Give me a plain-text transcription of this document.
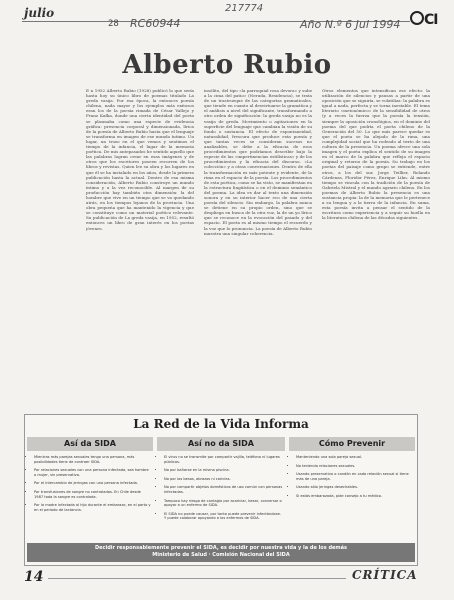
julio
28
217774
RC60944	Año N.º 6 Jul 1994	CI
Alberto Rubio
E n 1952 Alberto Rubio (1928) publicó lo que sería hasta hoy su único libro de poemas titulado La greda vasija. Por esa época, la entonces poesía chilena, nada mayor y los ejemplos más exitosos eran los de la poesía rimada de César Vallejo y Franz Kafka, donde una cierta identidad del poeta se plasmaba como una especie de evidencia gráfica: presencia corporal y dimensionada, lírica de la poesía de Alberto Rubio hasta que el lenguaje se transforma en imagen de ese mundo íntimo. Un lugar, un trozo en el que vemos y sentimos el tiempo de la infancia, el lugar de la memoria poética. De mis antepasados he sentido aquello que las palabras logran crear en esas imágenes y de otros que los escritores poseen recorren de los libros y revistas. Quien lee su obra y los lugares en que él se ha instalado en los años, desde la primera publicación hasta la actual. Dentro de esa misma consideración, Alberto Rubio construye un mundo íntimo y a la vez reconocible. Al margen de su producción hay también otra dimensión: la del hombre que vive en un tiempo que se va quedando atrás, en los tiempos lejanos de la provincia. Una obra pequeña que ha mantenido la vigencia y que se constituye como un material poético relevante. Su publicación de La greda vasija, en 1952, resultó entonces un libro de gran interés en los poetas jóvenes.
insólito, del tipo «la parroquial rosa devora» y sube a la cima del patio» (Neruda, Residencia), se trata de un trastrueque de las categorías gramaticales, que tiende en cuanto al desvirtuarse la gramática y el análisis a nivel del significante, transformando a otro orden de significación: la greda vasija no es la vasija de greda. Movimiento o agitaciones en la superficie del lenguaje que cambian la visión de su fondo o sustancia. El efecto de espontaneidad, naturalidad, frescura que produce esta poesía y que tantas veces se consideran sucesos no analizables, se debe a la eficacia de esos procedimientos que podríamos describir bajo la especie de las «impertinencias estilísticas» y de los procedimientos y la eficacia del discurso. «La colección» y a otras conversaciones. Dentro de ella la transformación es más potente y evidente, de la rima en el espacio de la poesía. Los procedimientos de esta poética, como se ha visto, se manifiestan en la estructura lingüística o en el dominio semántico del poema. La idea es dar al texto una dimensión sonora y en su interior hacer eco de una cierta poesía del silencio. Sin embargo, la palabra nunca se detiene en su propio orden, sino que se despliega en busca de la otra voz, la de un yo lírico que se reconoce en la evocación del pasado y del espacio. El poeta es al mismo tiempo el recuerdo y la voz que lo pronuncia. La poesía de Alberto Rubio muestra una singular coherencia.
Otros elementos que intensifican ese efecto: la utilización de silencios y pausas a partir de una oposición que se siguiría, se volatiliza: la palabra es igual a nada, perfecta y se torna inestable. El tema literario «metonómico» de la sensibilidad de otros (y a veces la fuerza que la poesía la tensión, siempre la oposición cronológica, en el dominio del poema del que podría el poeta chileno de la Generación del 50. Lo que más parece quedar es que el poeta se ha alejado de la rima, una complejidad social que ha rodeado al texto de una cultura de la presencia. Un poema ofrece una sola imagen y el poeta explica el sentido de su imagen en el marco de la palabra que refleja el espacio original y retorno de la poesía. Su trabajo en los poetas del paisaje como grupo se extiende, entre otros, a los del sur, Jorge Teillier, Rolando Cárdenas, Floridor Pérez, Enrique Lihn. Al mismo tiempo se vincula con la tradición de la poesía de Gabriela Mistral y el mundo agrario chileno. En los poemas de Alberto Rubio la presencia es una sustancia propia: la de la memoria que le pertenece a su lengua y a la tierra de la infancia. En suma, esta poesía invita a pensar el sentido de la escritura como experiencia y a seguir su huella en la literatura chilena de las décadas siguientes.
La Red de la Vida Informa
Así da SIDA	Así no da SIDA	Cómo Prevenir
• Mientras más parejas sexuales tenga una persona, más posibilidades tiene de contraer SIDA.
• Por relaciones sexuales con una persona infectada, sea hombre o mujer, sin preservativo.
• Por el intercambio de jeringas con una persona infectada.
• Por transfusiones de sangre no controladas. En Chile desde 1987 toda la sangre es controlada.
• Por la madre infectada al hijo durante el embarazo, en el parto y en el periodo de lactancia.
• El virus no se transmite por compartir vajilla, teléfono ni lugares públicos.
• No por bañarse en la misma piscina.
• No por los besos, abrazos ni caricias.
• No por compartir objetos domésticos de uso común con personas infectadas.
• Tampoco hay riesgo de contagio por acariciar, besar, conversar o apoyar a un enfermo de SIDA.
• El SIDA no puede causar, por tanto puede prevenir infectándose. Y puede colaborar apoyando a los enfermos de SIDA.
• Manteniendo una sola pareja sexual.
• No teniendo relaciones sexuales.
• Usando preservativo o condón en cada relación sexual si tiene más de una pareja.
• Usando sólo jeringas desechables.
• Si estás embarazada, pide consejo a tu médico.
Decidir responsablemente prevenir el SIDA, es decidir por nuestra vida y la de los demás
Ministerio de Salud · Comisión Nacional del SIDA
14	CRÍTICA
